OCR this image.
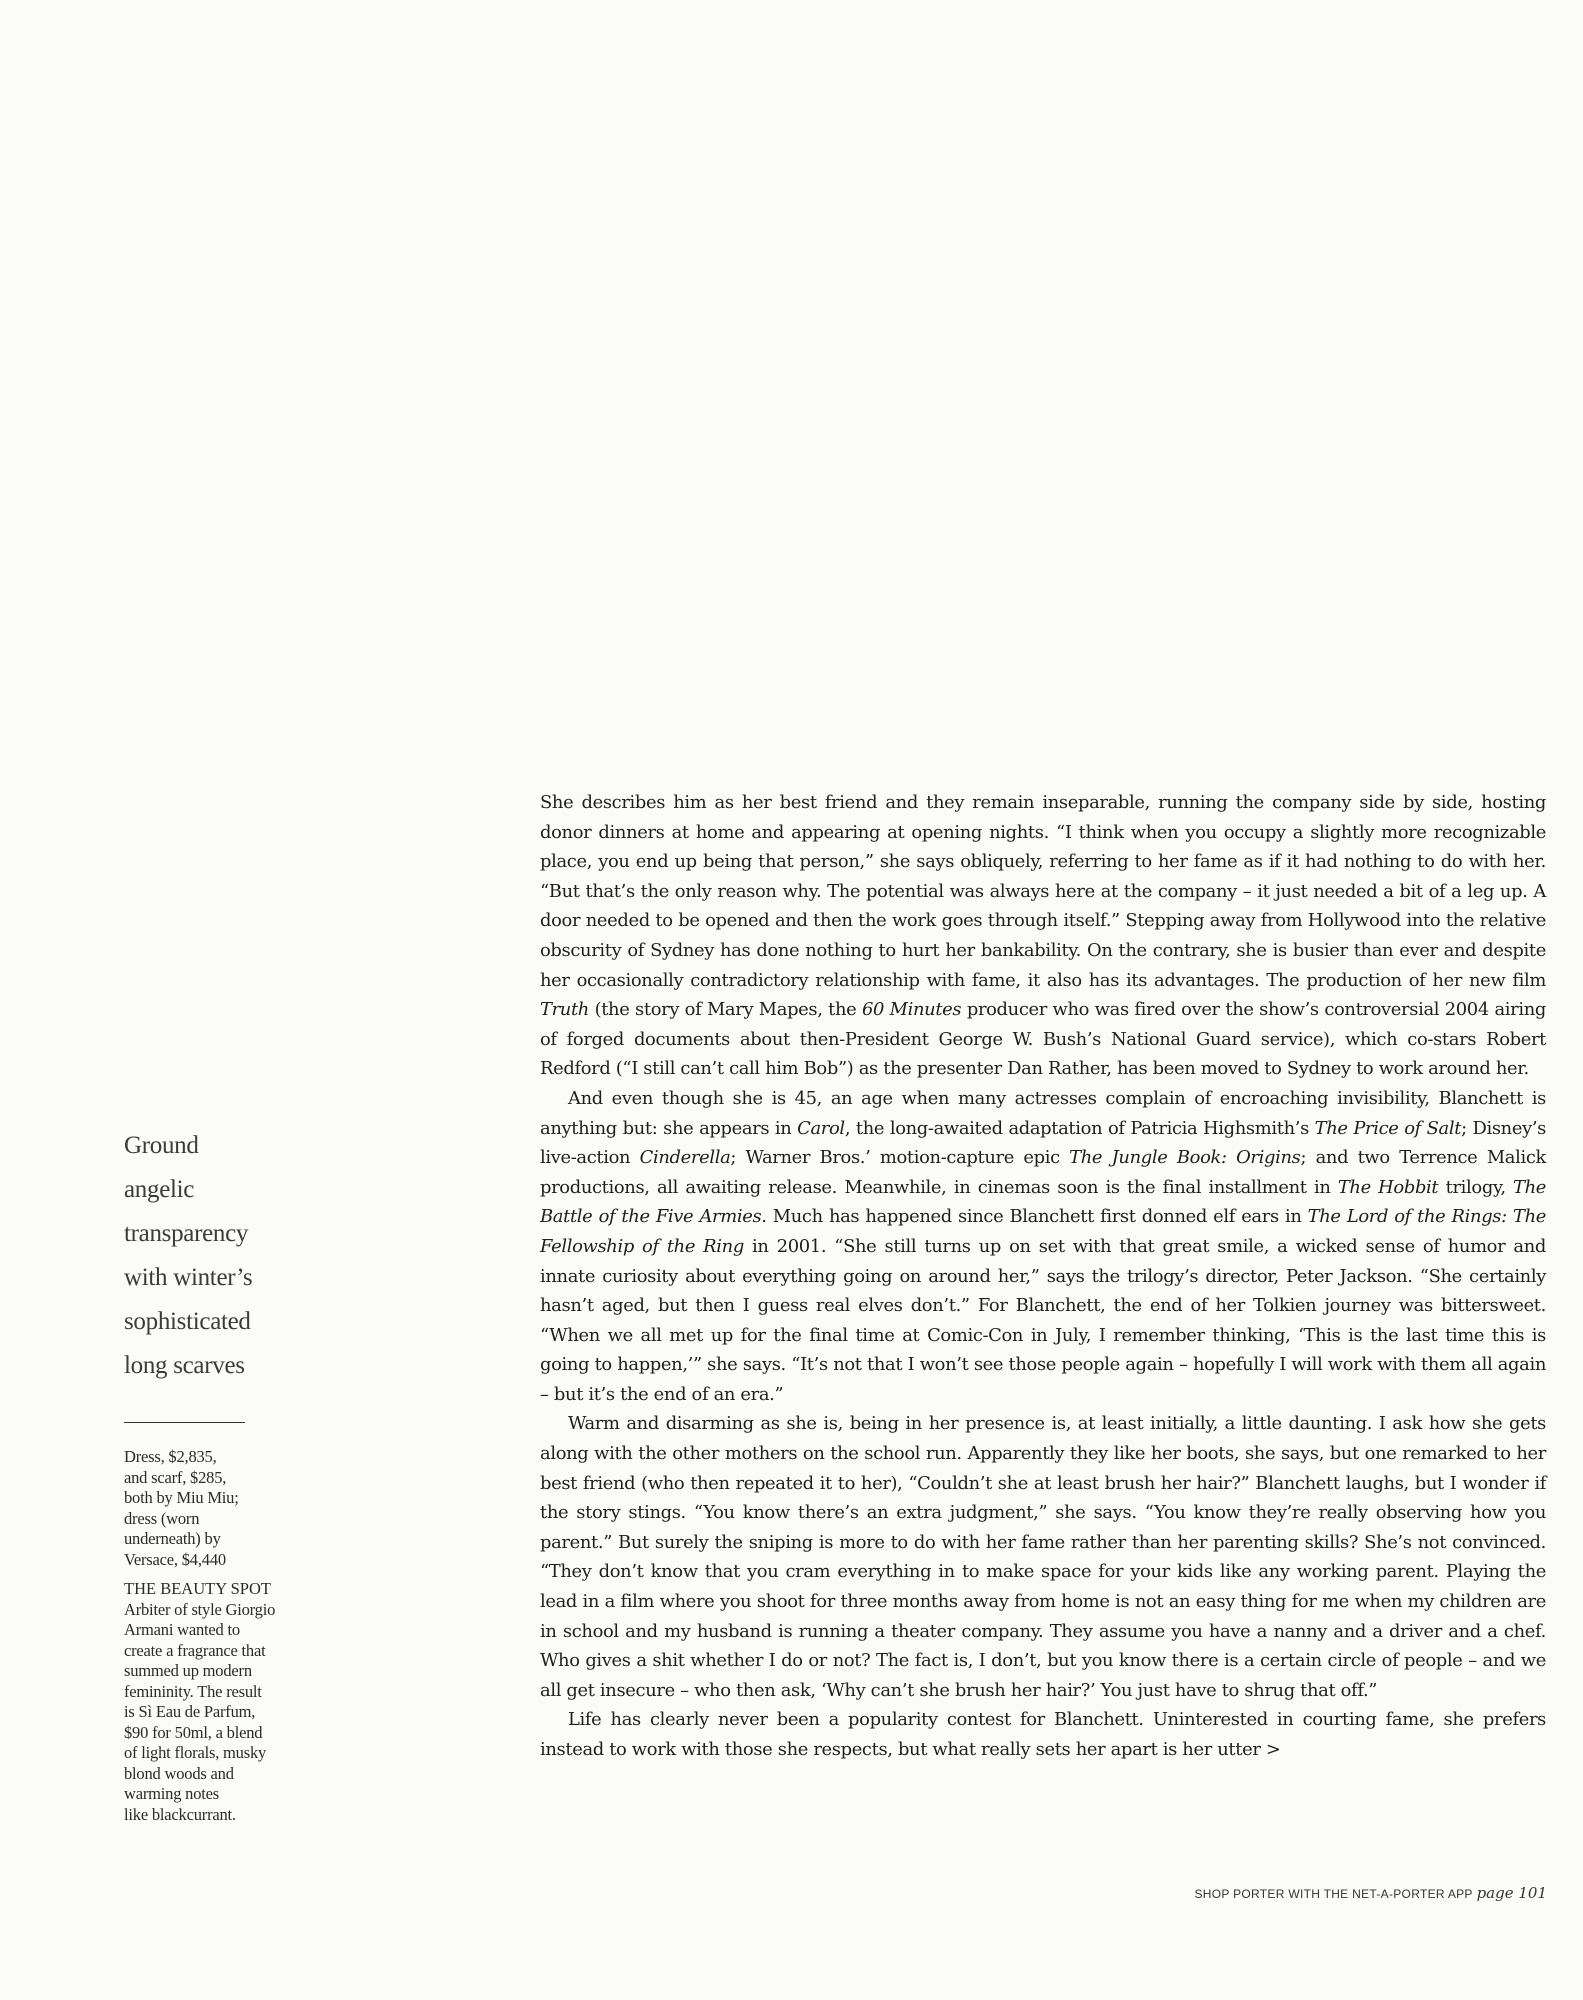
Ground
angelic
transparency
with winter’s
sophisticated
long scarves

Dress, $2,835,
and scarf, $285,
both by Miu Miu;
dress (worn
underneath) by
Versace, $4,440

THE BEAUTY SPOT

Arbiter of style Giorgio
Armani wanted to
create a fragrance that
summed up modern
femininity. The result
is Sì Eau de Parfum,
$90 for 50ml, a blend
of light florals, musky
blond woods and
warming notes
like blackcurrant.

She describes him as her best friend and they remain inseparable, running the company side by side, hosting donor dinners at home and appearing at opening nights. “I think when you occupy a slightly more recognizable place, you end up being that person,” she says obliquely, referring to her fame as if it had nothing to do with her. “But that’s the only reason why. The potential was always here at the company – it just needed a bit of a leg up. A door needed to be opened and then the work goes through itself.” Stepping away from Hollywood into the relative obscurity of Sydney has done nothing to hurt her bankability. On the contrary, she is busier than ever and despite her occasionally contradictory relationship with fame, it also has its advantages. The production of her new film Truth (the story of Mary Mapes, the 60 Minutes producer who was fired over the show’s controversial 2004 airing of forged documents about then-President George W. Bush’s National Guard service), which co-stars Robert Redford (“I still can’t call him Bob”) as the presenter Dan Rather, has been moved to Sydney to work around her.

And even though she is 45, an age when many actresses complain of encroaching invisibility, Blanchett is anything but: she appears in Carol, the long-awaited adaptation of Patricia Highsmith’s The Price of Salt; Disney’s live-action Cinderella; Warner Bros.’ motion-capture epic The Jungle Book: Origins; and two Terrence Malick productions, all awaiting release. Meanwhile, in cinemas soon is the final installment in The Hobbit trilogy, The Battle of the Five Armies. Much has happened since Blanchett first donned elf ears in The Lord of the Rings: The Fellowship of the Ring in 2001. “She still turns up on set with that great smile, a wicked sense of humor and innate curiosity about everything going on around her,” says the trilogy’s director, Peter Jackson. “She certainly hasn’t aged, but then I guess real elves don’t.” For Blanchett, the end of her Tolkien journey was bittersweet. “When we all met up for the final time at Comic-Con in July, I remember thinking, ‘This is the last time this is going to happen,’” she says. “It’s not that I won’t see those people again – hopefully I will work with them all again – but it’s the end of an era.”

Warm and disarming as she is, being in her presence is, at least initially, a little daunting. I ask how she gets along with the other mothers on the school run. Apparently they like her boots, she says, but one remarked to her best friend (who then repeated it to her), “Couldn’t she at least brush her hair?” Blanchett laughs, but I wonder if the story stings. “You know there’s an extra judgment,” she says. “You know they’re really observing how you parent.” But surely the sniping is more to do with her fame rather than her parenting skills? She’s not convinced. “They don’t know that you cram everything in to make space for your kids like any working parent. Playing the lead in a film where you shoot for three months away from home is not an easy thing for me when my children are in school and my husband is running a theater company. They assume you have a nanny and a driver and a chef. Who gives a shit whether I do or not? The fact is, I don’t, but you know there is a certain circle of people – and we all get insecure – who then ask, ‘Why can’t she brush her hair?’ You just have to shrug that off.”

Life has clearly never been a popularity contest for Blanchett. Uninterested in courting fame, she prefers instead to work with those she respects, but what really sets her apart is her utter >

SHOP PORTER WITH THE NET-A-PORTER APP page 101
